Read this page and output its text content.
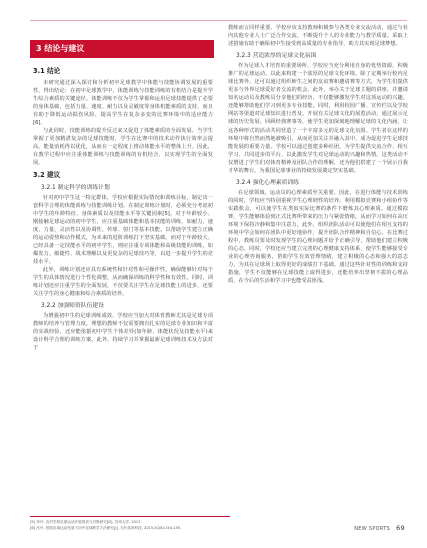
3 结论与建议
3.1 结论

本研究通过深入探讨和分析初中足球教学中体能与技能协调发展的重要性，得出结论：在初中足球教学中，体能训练与技能训练的有机结合是提升学生综合素质的关键途径。体能训练不仅为学生掌握和运用足球技能提供了必要的身体基础，包括力量、速度、耐力以及灵敏度等身体机能素质的支持，而且有助于降低运动损伤风险，提高学生在复杂多变的比赛环境中的适应能力[6]。

与此同时，技能训练的提升反过来又促进了体能素质的全面发展。当学生掌握了更加精湛复杂的足球技能时，学生在比赛中的技术动作执行效率会提高，能量消耗得以优化，从而在一定程度上推动体能水平的整体上升。因此，在教学过程中应注重体能训练与技能训练的有机结合，以实现学生的全面发展。

3.2 建议
3.2.1 制定科学的训练计划

针对初中学生这一特定群体，学校应根据实际情况和训练目标，制定出一套科学合理的体能训练与技能训练计划。在制定训练计划时，必须充分考虑初中学生的年龄特征、身体素质以及技能水平等关键因素[5]。对于年龄较小、刚接触足球运动的初中学生，应注重基础体能和基本技能的训练，如耐力、速度、力量、灵活性以及协调性、传球、射门等基本技能。以帮助学生建立正确的运动姿势和动作模式，为未来的进阶训练打下坚实基础。而对于年龄较大、已经具备一定技能水平的初中学生，则应注重专项体能和高级技能的训练，如爆发力、敏捷性、战术理解以及更复杂的足球技巧等，以进一步提升学生的竞技水平。

此外，训练计划还应具有系统性和针对性和可操作性。确保能够针对每个学生的具体情况进行个性化调整，从而确保训练的科学性和有效性。同时，训练计划还应注重学生的全面发展，不仅要关注学生在足球技能上的进步，还要关注学生的身心健康和综合素质的培养。

3.2.2 加强师资队伍建设

为增强初中生的足球训练成效，学校应当加大对体育教师尤其是足球专项教师的培养与管理力度。理想的教师不仅需要拥有扎实的足球专业知识和丰富的实战经验，还应能依据初中学生个体差异(如年龄、体能状况及技能水平)来设计科学合理的训练方案。此外，持续学习并掌握最新足球训练技术及方法对于

教练而言同样重要。学校应该支持教师积极参与各类专业交流活动，通过与业内其他专业人士广泛合作交流，不断提升个人的专业能力与教学质量。采取上述措施有助于确保初中生接受到高质量的专业指导，助力其实现足球梦想。

3.2.3 营造浓厚的足球文化氛围

作为足球人才培育的重要场所，学校应当充分利用自身的优势资源，积极推广的足球运动，以此来构建一个浓厚的足球文化环境。除了定期举行校内足球比赛外，还可以通过组织师生之间的友谊赛和邀请赛等方式，为学生们提供更多与外界足球爱好者交流的机会。此外，举办关于足球主题的讲座，并邀请知名运动员及教练员分享他们的经历，不仅能够激发学生对这项运动的兴趣，还能够帮助他们学习到更多专业技能。同时，利用校园广播、宣传栏以及学校网站等渠道对足球知识进行普及，开展有关足球文化的展览活动，通过展示足球的历史发展、回顾经典赛事等，使学生更加深刻地理解足球的文化内涵，让这各种形式的活动共同营造了一个丰富多元的足球文化氛围。学生者在这样的环境中将自然而然地被吸引，从而更加关注并融入其中，成为促进学生足球技能发展的重要力量。学校可以通过创建多种社团，为学生提供交流合作、相互学习、共同进步的平台，以此激发学生对足球运动的兴趣和热情。这类活动不仅增进了学生们对体育精神及团队合作的理解，还为他们搭建了一个展示自我才华的舞台，为我国足球事业的持续发展奠定坚实基础。

3.2.4 强化心理素质训练

在足球领域，运动员的心理素质至关重要。因此，在进行体能与技术训练的同时，学校应当特别重视学生心理韧性的培养。利用模拟竞赛和小组协作等实践机会，可以使学生在类似实际比赛的条件下磨炼其心理素质。通过模拟赛，学生能够体验到正式比赛所带来的压力与紧张情绪，从而学习如何在高压环境下保持冷静和集中注意力。此外，组织团队活动可以使他们在相互支持的环境中学会如何在团队中更好地协作，提升团队合作精神和自信心。在比赛过程中，教练员要及时发现学生的心理问题并给予正确引导，帮助他们建立积极的心态。同时，学校还应当建立完善的心理健康支持体系，使学生能够接受专业的心理咨询服务，帮助学生有效管理情绪，建立积极的心态和强大的意志力，为其在足球场上取得更好的成绩打下基础。通过这些针对性的训练和支持措施，学生不仅能够在足球技能上取得进步，还能培养出坚韧不拔的心理品质，在今后的生活和学习中也能受益匪浅。

[5] 李丹. 农村学校足球运动开展现状与对策研究[D]. 苏州大学, 2017.
[6] 冯丹. 校园足球运动发展下初中足球教学方法研究[J]. 当代体育科技, 2015,5(28):154-155.	NEW SPORTS 69
